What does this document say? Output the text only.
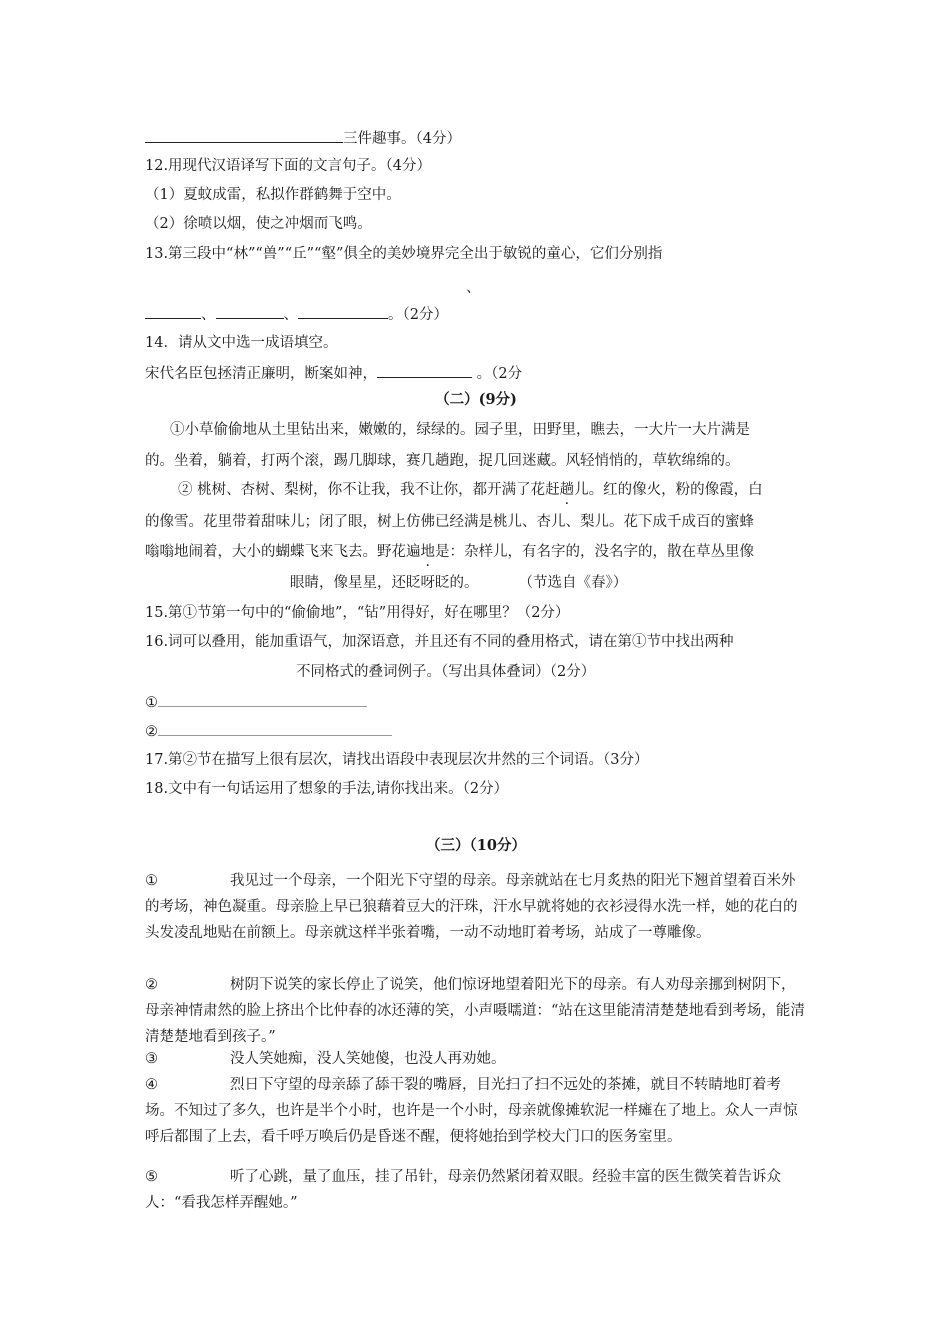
三件趣事。（4分）
12.用现代汉语译写下面的文言句子。（4分）
（1）夏蚊成雷，私拟作群鹤舞于空中。
（2）徐喷以烟，使之冲烟而飞鸣。
13.第三段中“林”“兽”“丘”“壑”俱全的美妙境界完全出于敏锐的童心，它们分别指
、
、	、	。（2分）
14．请从文中选一成语填空。
宋代名臣包拯清正廉明，断案如神，	。（2分
（二）(9分)
①小草偷偷地从土里钻出来，嫩嫩的，绿绿的。园子里，田野里，瞧去，一大片一大片满是
的。坐着，躺着，打两个滚，踢几脚球，赛几趟跑，捉几回迷藏。风轻悄悄的，草软绵绵的。
② 桃树、杏树、梨树，你不让我，我不让你，都开满了花赶趟儿。红的像火，粉的像霞，白
的像雪。花里带着甜味儿；闭了眼，树上仿佛已经满是桃儿、杏儿、梨儿。花下成千成百的蜜蜂
嗡嗡地闹着，大小的蝴蝶飞来飞去。野花遍地是：杂样儿，有名字的，没名字的，散在草丛里像
眼睛，像星星，还眨呀眨的。	（节选自《春》）
15.第①节第一句中的“偷偷地”，“钻”用得好，好在哪里？（2分）
16.词可以叠用，能加重语气，加深语意，并且还有不同的叠用格式，请在第①节中找出两种
不同格式的叠词例子。（写出具体叠词）（2分）
①
②
17.第②节在描写上很有层次，请找出语段中表现层次井然的三个词语。（3分）
18.文中有一句话运用了想象的手法,请你找出来。（2分）
（三）（10分）
①	我见过一个母亲，一个阳光下守望的母亲。母亲就站在七月炙热的阳光下翘首望着百米外的考场，神色凝重。母亲脸上早已狼藉着豆大的汗珠，汗水早就将她的衣衫浸得水洗一样，她的花白的头发凌乱地贴在前额上。母亲就这样半张着嘴，一动不动地盯着考场，站成了一尊雕像。
②	树阴下说笑的家长停止了说笑，他们惊讶地望着阳光下的母亲。有人劝母亲挪到树阴下，母亲神情肃然的脸上挤出个比仲春的冰还薄的笑，小声嗫嚅道：“站在这里能清清楚楚地看到考场，能清清楚楚地看到孩子。”
③	没人笑她痴，没人笑她傻，也没人再劝她。
④	烈日下守望的母亲舔了舔干裂的嘴唇，目光扫了扫不远处的茶摊，就目不转睛地盯着考场。不知过了多久，也许是半个小时，也许是一个小时，母亲就像摊软泥一样瘫在了地上。众人一声惊呼后都围了上去，看千呼万唤后仍是昏迷不醒，便将她抬到学校大门口的医务室里。
⑤	听了心跳，量了血压，挂了吊针，母亲仍然紧闭着双眼。经验丰富的医生微笑着告诉众人：“看我怎样弄醒她。”
